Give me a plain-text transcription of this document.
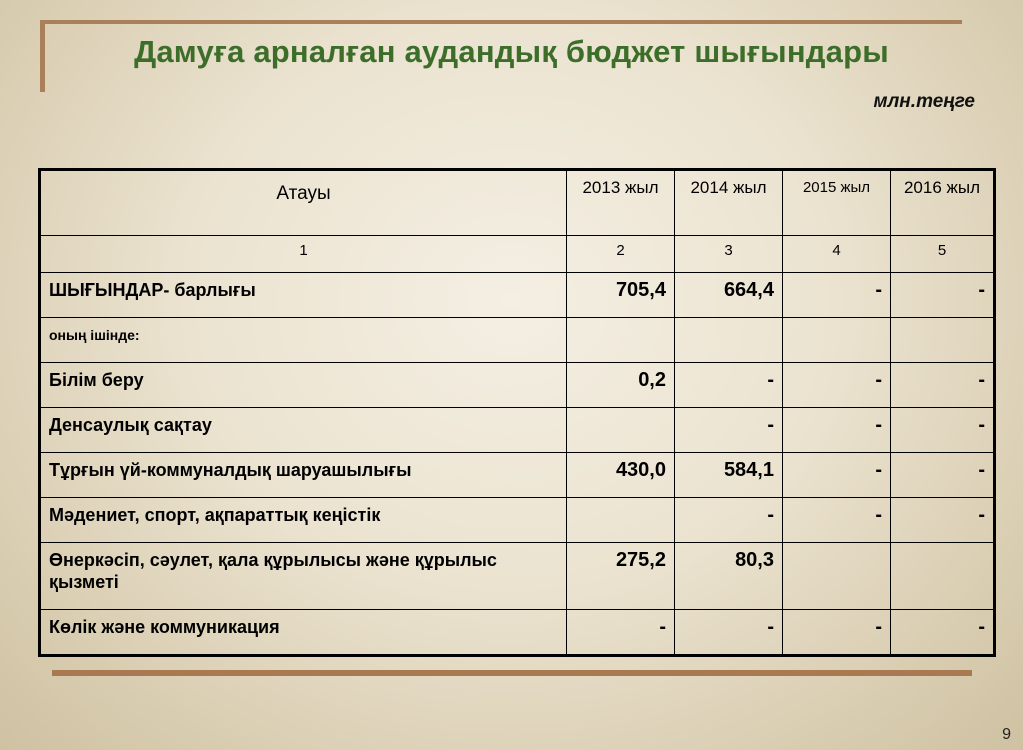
Дамуға арналған аудандық бюджет шығындары
млн.теңге
Атауы	2013 жыл	2014 жыл	2015 жыл	2016 жыл
1	2	3	4	5
ШЫҒЫНДАР- барлығы	705,4	664,4	-	-
оның ішінде:				
Білім беру	0,2	-	-	-
Денсаулық сақтау		-	-	-
Тұрғын үй-коммуналдық шаруашылығы	430,0	584,1	-	-
Мәдениет, спорт, ақпараттық кеңістік		-	-	-
Өнеркәсіп, сәулет, қала құрылысы және құрылыс қызметі	275,2	80,3		
Көлік және коммуникация	-	-	-	-
9
